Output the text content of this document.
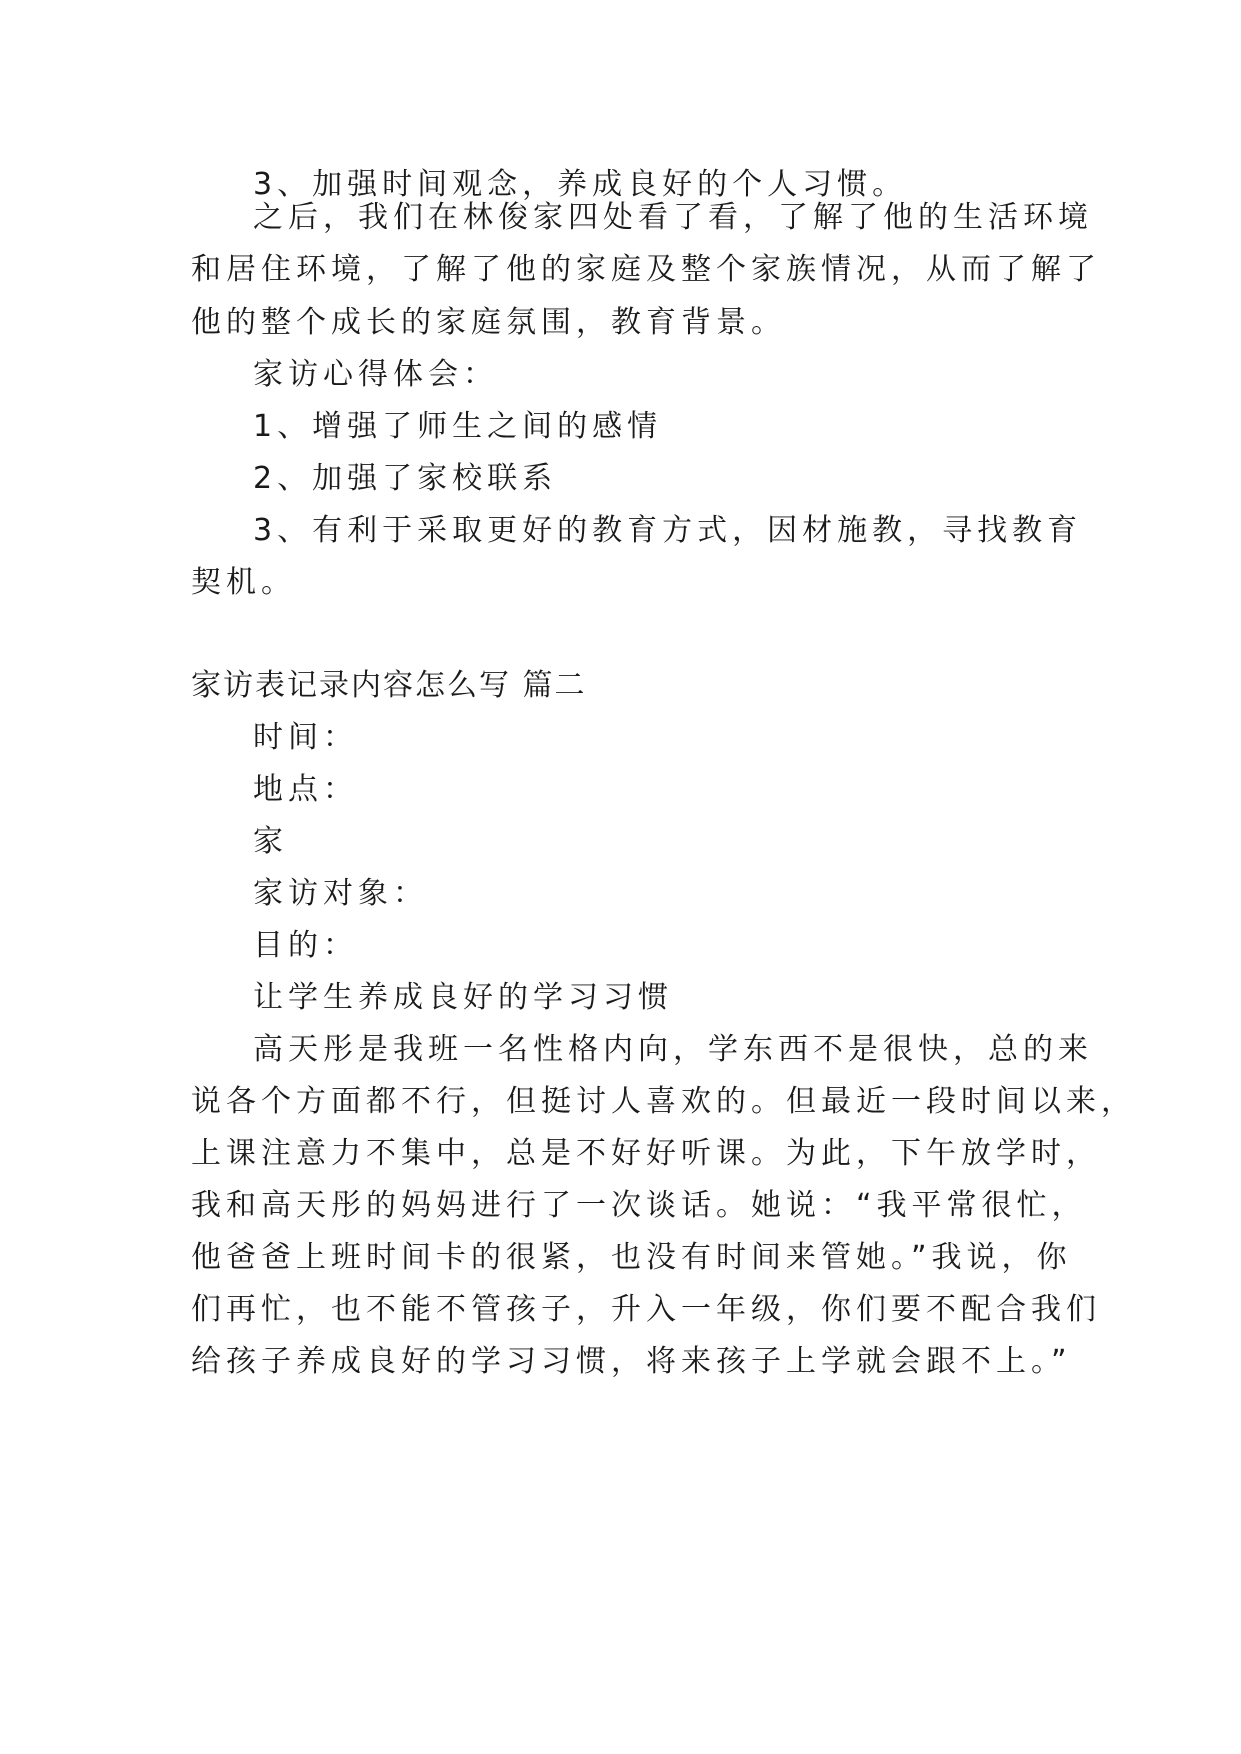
3、加强时间观念，养成良好的个人习惯。

之后，我们在林俊家四处看了看，了解了他的生活环境

和居住环境，了解了他的家庭及整个家族情况，从而了解了

他的整个成长的家庭氛围，教育背景。

家访心得体会：

1、增强了师生之间的感情

2、加强了家校联系

3、有利于采取更好的教育方式，因材施教，寻找教育

契机。

家访表记录内容怎么写 篇二

时间：

地点：

家

家访对象：

目的：

让学生养成良好的学习习惯

高天彤是我班一名性格内向，学东西不是很快，总的来

说各个方面都不行，但挺讨人喜欢的。但最近一段时间以来，

上课注意力不集中，总是不好好听课。为此，下午放学时，

我和高天彤的妈妈进行了一次谈话。她说：“我平常很忙，

他爸爸上班时间卡的很紧，也没有时间来管她。”我说，你

们再忙，也不能不管孩子，升入一年级，你们要不配合我们

给孩子养成良好的学习习惯，将来孩子上学就会跟不上。”
